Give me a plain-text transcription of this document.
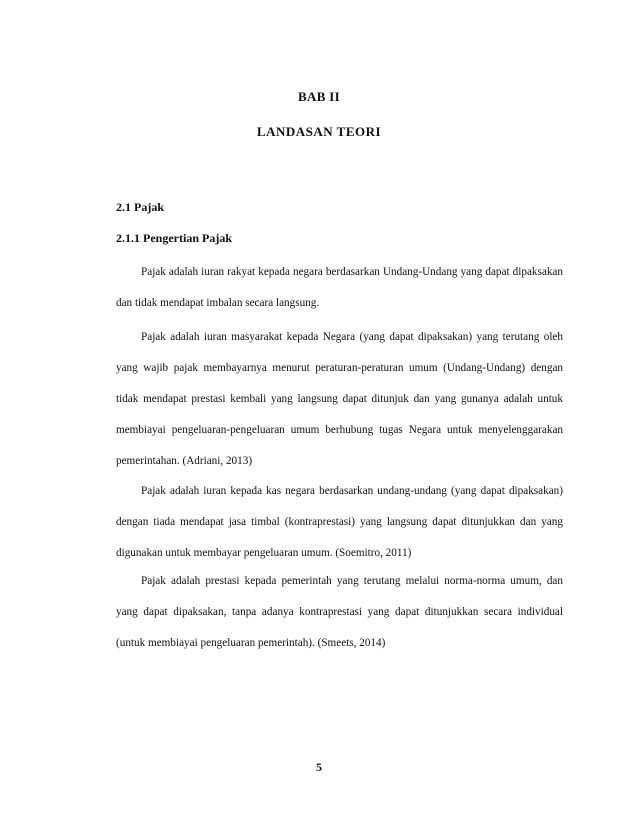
BAB II
LANDASAN TEORI
2.1 Pajak
2.1.1 Pengertian Pajak

Pajak adalah iuran rakyat kepada negara berdasarkan Undang-Undang yang dapat dipaksakan dan tidak mendapat imbalan secara langsung.

Pajak adalah iuran masyarakat kepada Negara (yang dapat dipaksakan) yang terutang oleh yang wajib pajak membayarnya menurut peraturan-peraturan umum (Undang-Undang) dengan tidak mendapat prestasi kembali yang langsung dapat ditunjuk dan yang gunanya adalah untuk membiayai pengeluaran-pengeluaran umum berhubung tugas Negara untuk menyelenggarakan pemerintahan. (Adriani, 2013)

Pajak adalah iuran kepada kas negara berdasarkan undang-undang (yang dapat dipaksakan) dengan tiada mendapat jasa timbal (kontraprestasi) yang langsung dapat ditunjukkan dan yang digunakan untuk membayar pengeluaran umum. (Soemitro, 2011)

Pajak adalah prestasi kepada pemerintah yang terutang melalui norma-norma umum, dan yang dapat dipaksakan, tanpa adanya kontraprestasi yang dapat ditunjukkan secara individual (untuk membiayai pengeluaran pemerintah). (Smeets, 2014)

5
